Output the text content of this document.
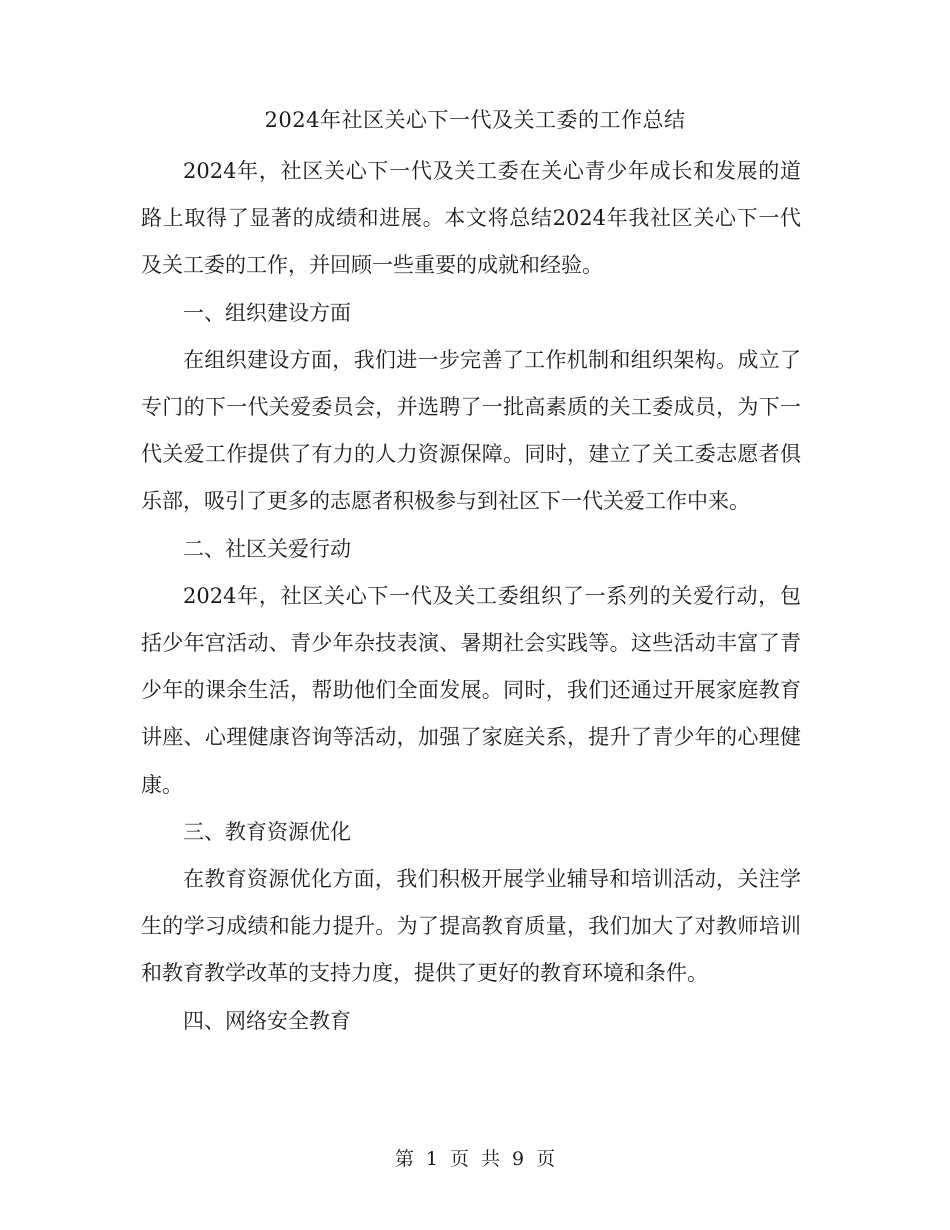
2024年社区关心下一代及关工委的工作总结

2024年，社区关心下一代及关工委在关心青少年成长和发展的道路上取得了显著的成绩和进展。本文将总结2024年我社区关心下一代及关工委的工作，并回顾一些重要的成就和经验。

一、组织建设方面

在组织建设方面，我们进一步完善了工作机制和组织架构。成立了专门的下一代关爱委员会，并选聘了一批高素质的关工委成员，为下一代关爱工作提供了有力的人力资源保障。同时，建立了关工委志愿者俱乐部，吸引了更多的志愿者积极参与到社区下一代关爱工作中来。

二、社区关爱行动

2024年，社区关心下一代及关工委组织了一系列的关爱行动，包括少年宫活动、青少年杂技表演、暑期社会实践等。这些活动丰富了青少年的课余生活，帮助他们全面发展。同时，我们还通过开展家庭教育讲座、心理健康咨询等活动，加强了家庭关系，提升了青少年的心理健康。

三、教育资源优化

在教育资源优化方面，我们积极开展学业辅导和培训活动，关注学生的学习成绩和能力提升。为了提高教育质量，我们加大了对教师培训和教育教学改革的支持力度，提供了更好的教育环境和条件。

四、网络安全教育

第 1 页 共 9 页
